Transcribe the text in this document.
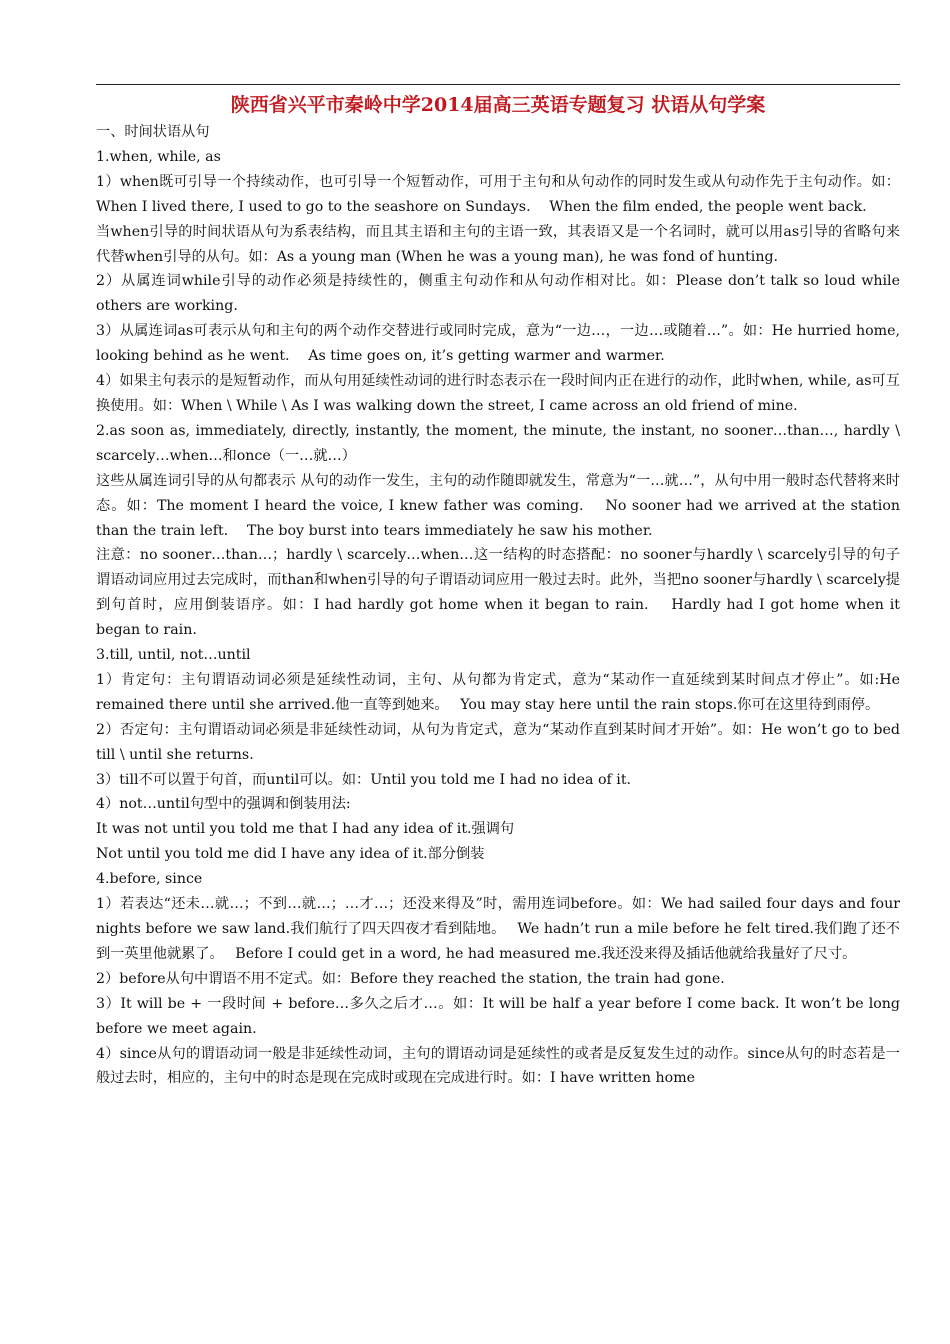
陕西省兴平市秦岭中学2014届高三英语专题复习 状语从句学案

一、时间状语从句

1.when, while, as

1）when既可引导一个持续动作，也可引导一个短暂动作，可用于主句和从句动作的同时发生或从句动作先于主句动作。如：When I lived there, I used to go to the seashore on Sundays.　 When the film ended, the people went back.

当when引导的时间状语从句为系表结构，而且其主语和主句的主语一致，其表语又是一个名词时，就可以用as引导的省略句来代替when引导的从句。如：As a young man (When he was a young man), he was fond of hunting.

2）从属连词while引导的动作必须是持续性的，侧重主句动作和从句动作相对比。如：Please don’t talk so loud while others are working.

3）从属连词as可表示从句和主句的两个动作交替进行或同时完成，意为“一边…，一边…或随着…”。如：He hurried home, looking behind as he went.　 As time goes on, it’s getting warmer and warmer.

4）如果主句表示的是短暂动作，而从句用延续性动词的进行时态表示在一段时间内正在进行的动作，此时when, while, as可互换使用。如：When \ While \ As I was walking down the street, I came across an old friend of mine.

2.as soon as, immediately, directly, instantly, the moment, the minute, the instant, no sooner…than…, hardly \ scarcely…when…和once（一…就…）

这些从属连词引导的从句都表示 从句的动作一发生，主句的动作随即就发生，常意为“一…就…”，从句中用一般时态代替将来时态。如：The moment I heard the voice, I knew father was coming.　 No sooner had we arrived at the station than the train left.　 The boy burst into tears immediately he saw his mother.

注意：no sooner…than…；hardly \ scarcely…when…这一结构的时态搭配：no sooner与hardly \ scarcely引导的句子谓语动词应用过去完成时，而than和when引导的句子谓语动词应用一般过去时。此外，当把no sooner与hardly \ scarcely提到句首时，应用倒装语序。如：I had hardly got home when it began to rain.　 Hardly had I got home when it began to rain.

3.till, until, not…until

1）肯定句：主句谓语动词必须是延续性动词，主句、从句都为肯定式，意为“某动作一直延续到某时间点才停止”。如:He remained there until she arrived.他一直等到她来。　 You may stay here until the rain stops.你可在这里待到雨停。

2）否定句：主句谓语动词必须是非延续性动词，从句为肯定式，意为“某动作直到某时间才开始”。如：He won’t go to bed till \ until she returns.

3）till不可以置于句首，而until可以。如：Until you told me I had no idea of it.

4）not…until句型中的强调和倒装用法:

It was not until you told me that I had any idea of it.强调句

Not until you told me did I have any idea of it.部分倒装

4.before, since

1）若表达“还未…就…；不到…就…；…才…；还没来得及”时，需用连词before。如：We had sailed four days and four nights before we saw land.我们航行了四天四夜才看到陆地。　 We hadn’t run a mile before he felt tired.我们跑了还不到一英里他就累了。　 Before I could get in a word, he had measured me.我还没来得及插话他就给我量好了尺寸。

2）before从句中谓语不用不定式。如：Before they reached the station, the train had gone.

3）It will be + 一段时间 + before…多久之后才…。如：It will be half a year before I come back. It won’t be long before we meet again.

4）since从句的谓语动词一般是非延续性动词，主句的谓语动词是延续性的或者是反复发生过的动作。since从句的时态若是一般过去时，相应的，主句中的时态是现在完成时或现在完成进行时。如：I have written home
